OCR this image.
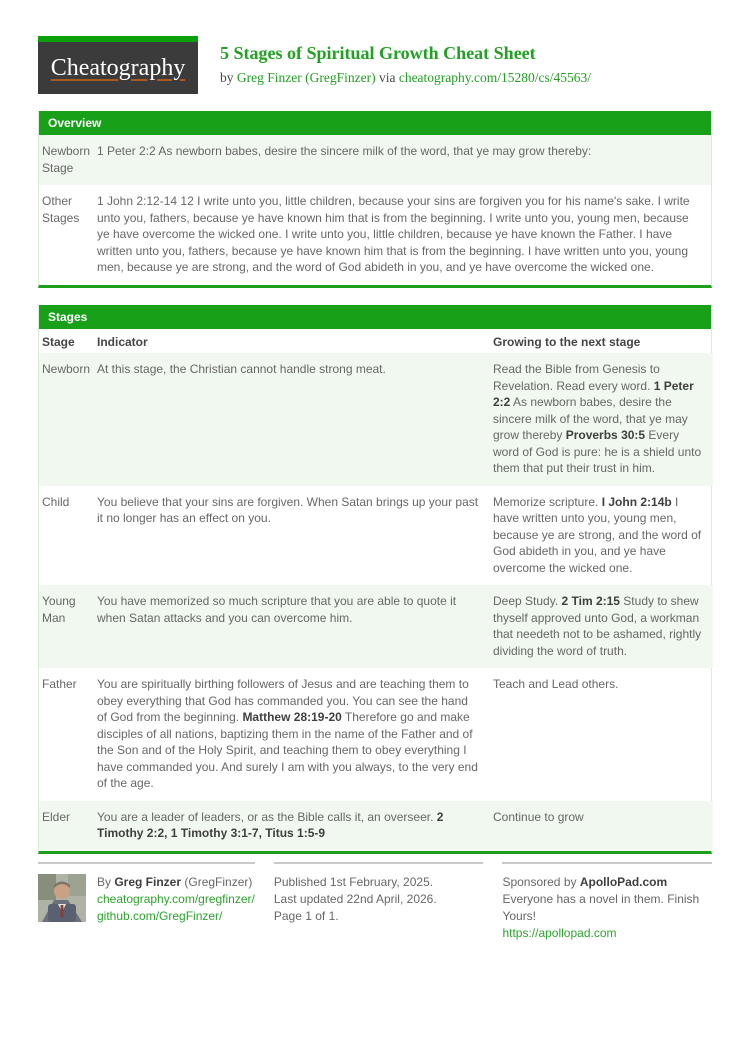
Cheatography
5 Stages of Spiritual Growth Cheat Sheet
by Greg Finzer (GregFinzer) via cheatography.com/15280/cs/45563/
Overview
Newborn Stage	1 Peter 2:2 As newborn babes, desire the sincere milk of the word, that ye may grow thereby:
Other Stages	1 John 2:12-14 12 I write unto you, little children, because your sins are forgiven you for his name's sake. I write unto you, fathers, because ye have known him that is from the beginning. I write unto you, young men, because ye have overcome the wicked one. I write unto you, little children, because ye have known the Father. I have written unto you, fathers, because ye have known him that is from the beginning. I have written unto you, young men, because ye are strong, and the word of God abideth in you, and ye have overcome the wicked one.
Stages
Stage	Indicator	Growing to the next stage
Newborn	At this stage, the Christian cannot handle strong meat.	Read the Bible from Genesis to Revelation. Read every word. 1 Peter 2:2 As newborn babes, desire the sincere milk of the word, that ye may grow thereby Proverbs 30:5 Every word of God is pure: he is a shield unto them that put their trust in him.
Child	You believe that your sins are forgiven. When Satan brings up your past it no longer has an effect on you.	Memorize scripture. I John 2:14b I have written unto you, young men, because ye are strong, and the word of God abideth in you, and ye have overcome the wicked one.
Young Man	You have memorized so much scripture that you are able to quote it when Satan attacks and you can overcome him.	Deep Study. 2 Tim 2:15 Study to shew thyself approved unto God, a workman that needeth not to be ashamed, rightly dividing the word of truth.
Father	You are spiritually birthing followers of Jesus and are teaching them to obey everything that God has commanded you. You can see the hand of God from the beginning. Matthew 28:19-20 Therefore go and make disciples of all nations, baptizing them in the name of the Father and of the Son and of the Holy Spirit, and teaching them to obey everything I have commanded you. And surely I am with you always, to the very end of the age.	Teach and Lead others.
Elder	You are a leader of leaders, or as the Bible calls it, an overseer. 2 Timothy 2:2, 1 Timothy 3:1-7, Titus 1:5-9	Continue to grow
By Greg Finzer (GregFinzer)
cheatography.com/gregfinzer/
github.com/GregFinzer/
Published 1st February, 2025.
Last updated 22nd April, 2026.
Page 1 of 1.
Sponsored by ApolloPad.com
Everyone has a novel in them. Finish Yours!
https://apollopad.com
